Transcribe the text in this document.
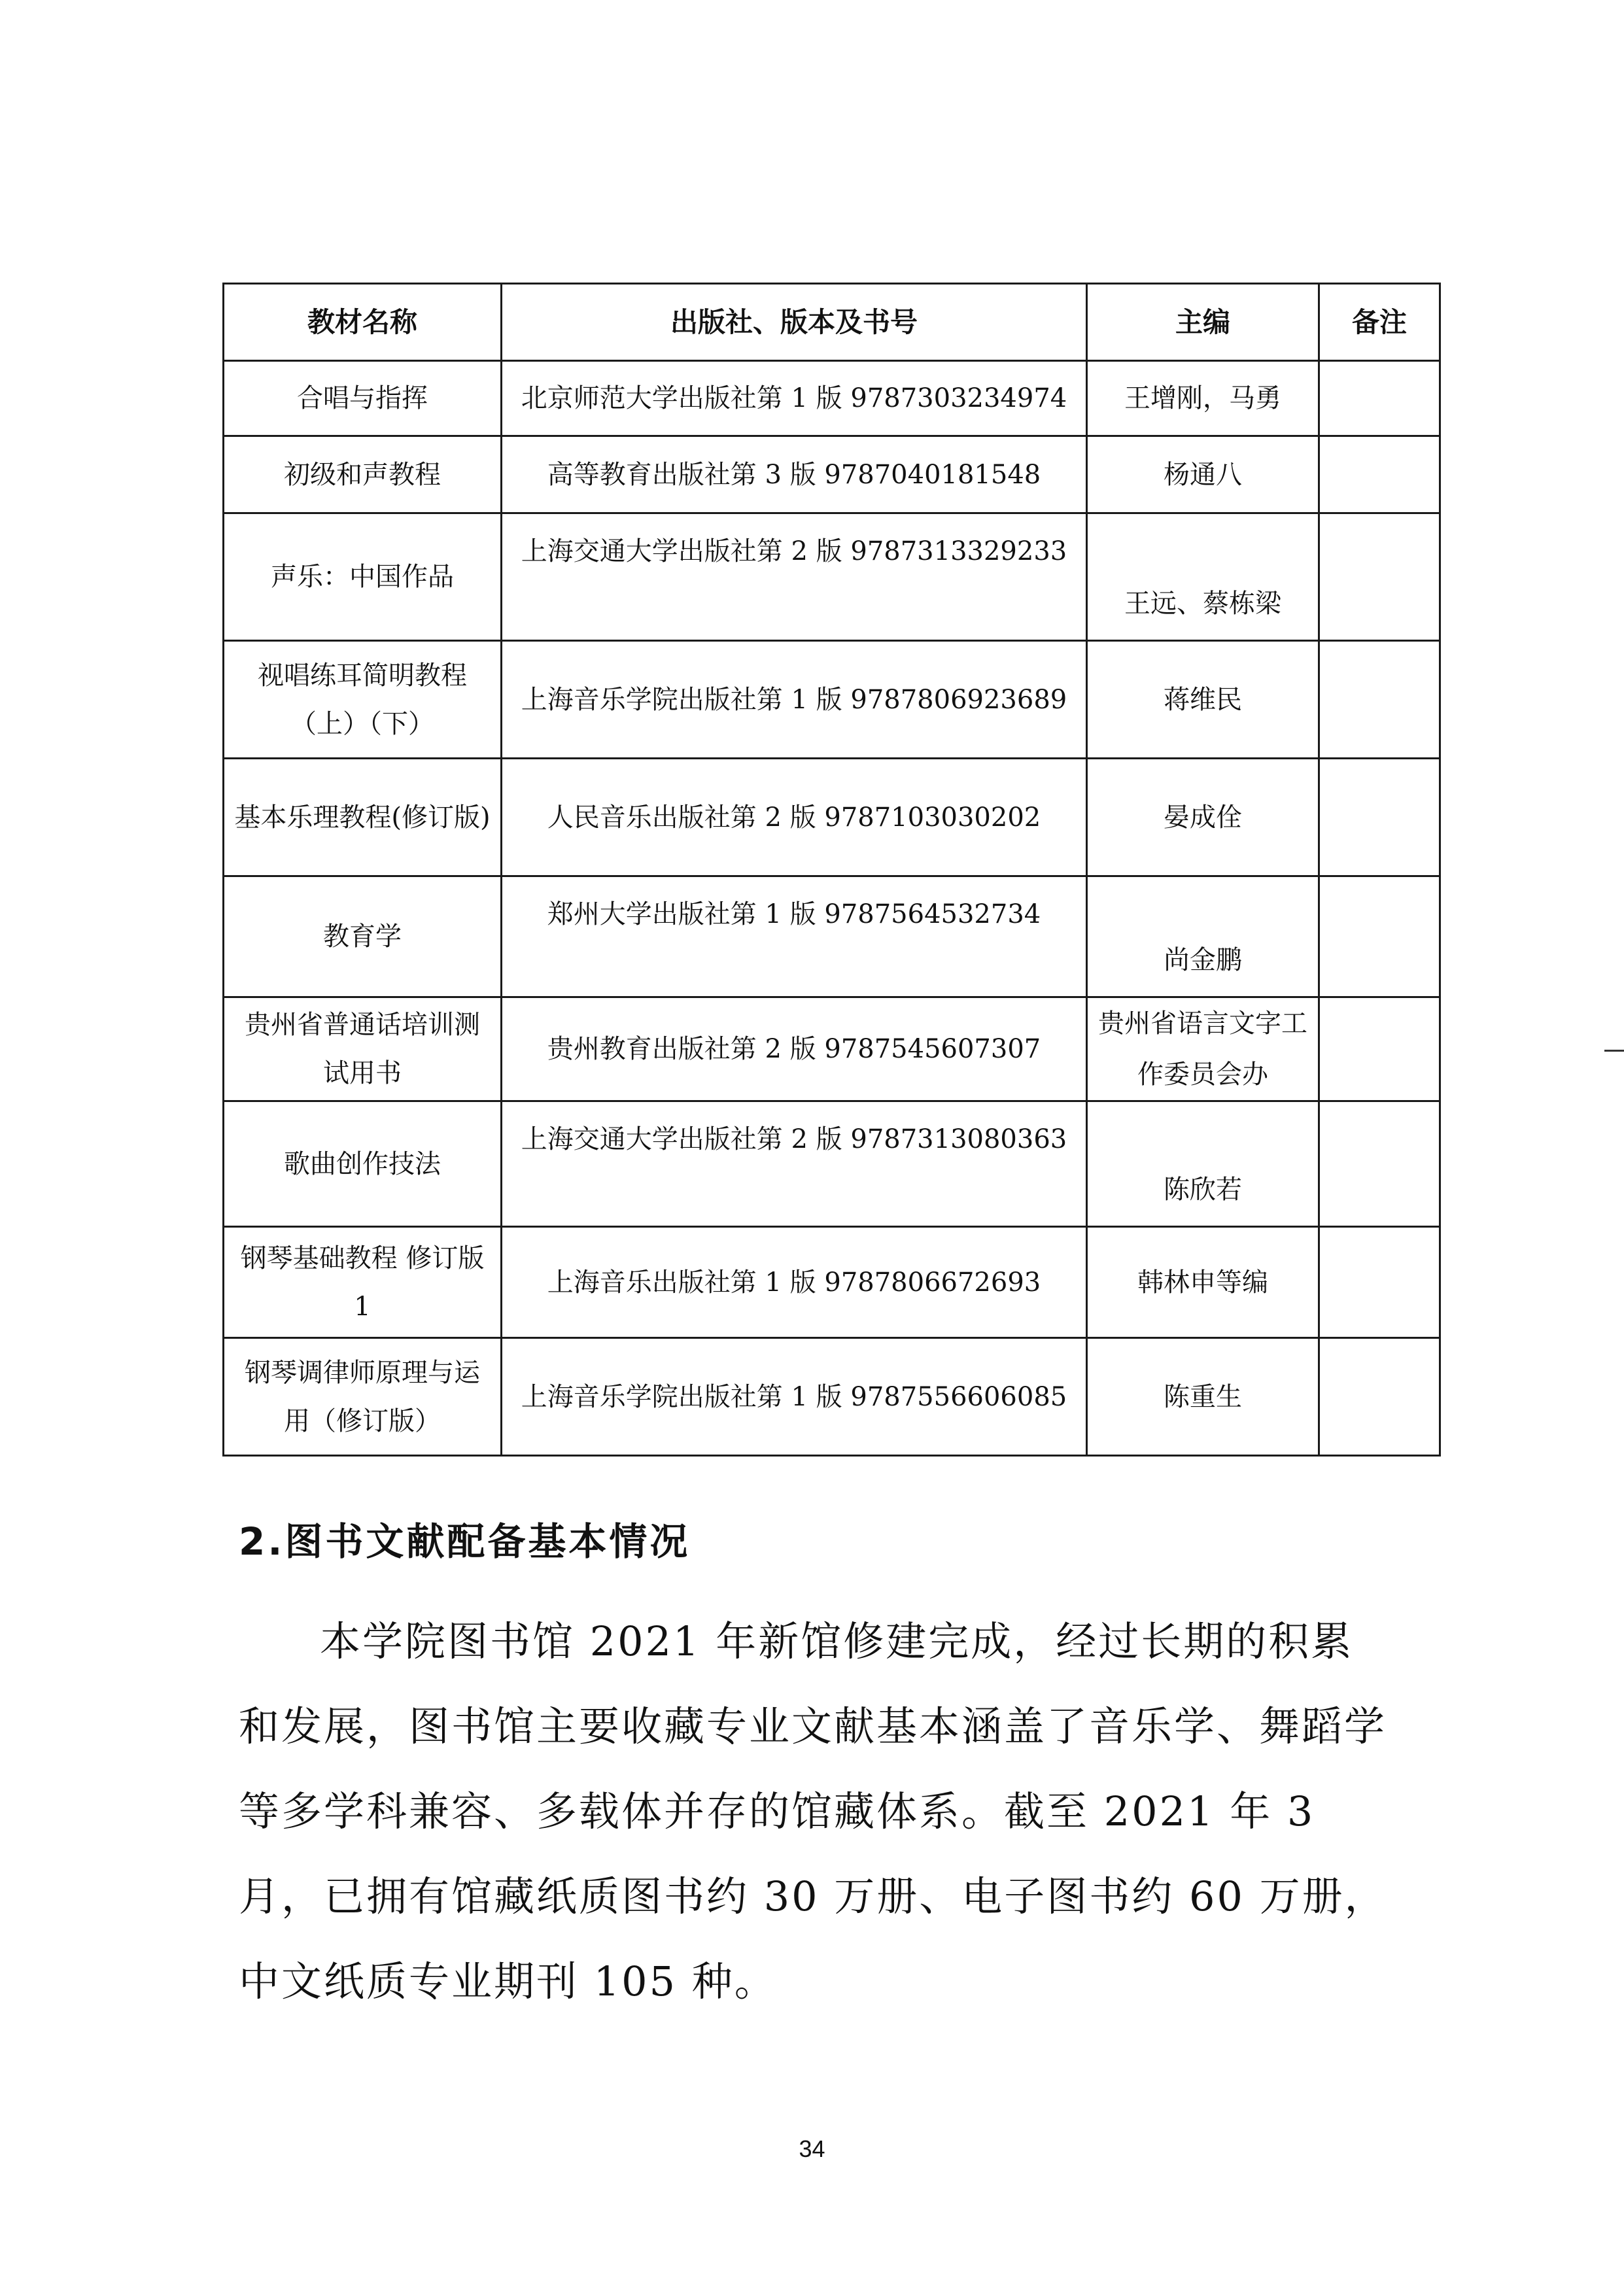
教材名称	出版社、版本及书号	主编	备注
合唱与指挥	北京师范大学出版社第 1 版 9787303234974	王增刚，马勇	
初级和声教程	高等教育出版社第 3 版 9787040181548	杨通八	
声乐：中国作品	上海交通大学出版社第 2 版 9787313329233	王远、蔡栋梁	
视唱练耳简明教程（上）（下）	上海音乐学院出版社第 1 版 9787806923689	蒋维民	
基本乐理教程(修订版)	人民音乐出版社第 2 版 9787103030202	晏成佺	
教育学	郑州大学出版社第 1 版 9787564532734	尚金鹏	
贵州省普通话培训测试用书	贵州教育出版社第 2 版 9787545607307	贵州省语言文字工作委员会办	
歌曲创作技法	上海交通大学出版社第 2 版 9787313080363	陈欣若	
钢琴基础教程 修订版 1	上海音乐出版社第 1 版 9787806672693	韩林申等编	
钢琴调律师原理与运用（修订版）	上海音乐学院出版社第 1 版 9787556606085	陈重生	
2.图书文献配备基本情况

本学院图书馆 2021 年新馆修建完成，经过长期的积累和发展，图书馆主要收藏专业文献基本涵盖了音乐学、舞蹈学等多学科兼容、多载体并存的馆藏体系。截至 2021 年 3 月，已拥有馆藏纸质图书约 30 万册、电子图书约 60 万册，中文纸质专业期刊 105 种。

34
